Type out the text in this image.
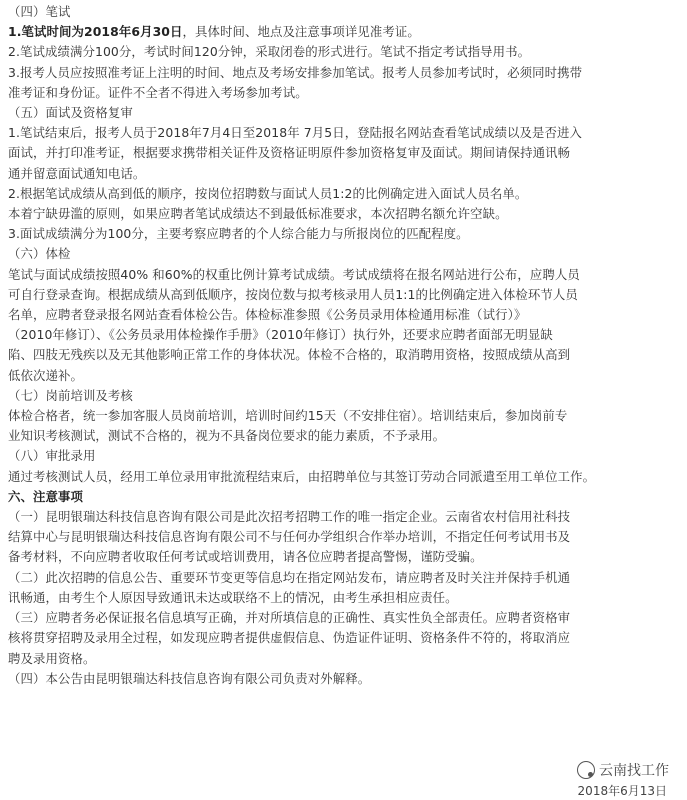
（四）笔试
1.笔试时间为2018年6月30日，具体时间、地点及注意事项详见准考证。
2.笔试成绩满分100分，考试时间120分钟，采取闭卷的形式进行。笔试不指定考试指导用书。
3.报考人员应按照准考证上注明的时间、地点及考场安排参加笔试。报考人员参加考试时，必须同时携带
准考证和身份证。证件不全者不得进入考场参加考试。
（五）面试及资格复审
1.笔试结束后，报考人员于2018年7月4日至2018年 7月5日，登陆报名网站查看笔试成绩以及是否进入
面试，并打印准考证，根据要求携带相关证件及资格证明原件参加资格复审及面试。期间请保持通讯畅
通并留意面试通知电话。
2.根据笔试成绩从高到低的顺序，按岗位招聘数与面试人员1:2的比例确定进入面试人员名单。
本着宁缺毋滥的原则，如果应聘者笔试成绩达不到最低标准要求，本次招聘名额允许空缺。
3.面试成绩满分为100分，主要考察应聘者的个人综合能力与所报岗位的匹配程度。
（六）体检
笔试与面试成绩按照40% 和60%的权重比例计算考试成绩。考试成绩将在报名网站进行公布，应聘人员
可自行登录查询。根据成绩从高到低顺序，按岗位数与拟考核录用人员1:1的比例确定进入体检环节人员
名单，应聘者登录报名网站查看体检公告。体检标准参照《公务员录用体检通用标准（试行）》
（2010年修订）、《公务员录用体检操作手册》（2010年修订）执行外，还要求应聘者面部无明显缺
陷、四肢无残疾以及无其他影响正常工作的身体状况。体检不合格的，取消聘用资格，按照成绩从高到
低依次递补。
（七）岗前培训及考核
体检合格者，统一参加客服人员岗前培训，培训时间约15天（不安排住宿）。培训结束后，参加岗前专
业知识考核测试，测试不合格的，视为不具备岗位要求的能力素质，不予录用。
（八）审批录用
通过考核测试人员，经用工单位录用审批流程结束后，由招聘单位与其签订劳动合同派遣至用工单位工作。
六、注意事项
（一）昆明银瑞达科技信息咨询有限公司是此次招考招聘工作的唯一指定企业。云南省农村信用社科技
结算中心与昆明银瑞达科技信息咨询有限公司不与任何办学组织合作举办培训，不指定任何考试用书及
备考材料，不向应聘者收取任何考试或培训费用，请各位应聘者提高警惕，谨防受骗。
（二）此次招聘的信息公告、重要环节变更等信息均在指定网站发布，请应聘者及时关注并保持手机通
讯畅通，由考生个人原因导致通讯未达或联络不上的情况，由考生承担相应责任。
（三）应聘者务必保证报名信息填写正确，并对所填信息的正确性、真实性负全部责任。应聘者资格审
核将贯穿招聘及录用全过程，如发现应聘者提供虚假信息、伪造证件证明、资格条件不符的，将取消应
聘及录用资格。
（四）本公告由昆明银瑞达科技信息咨询有限公司负责对外解释。
云南找工作
2018年6月13日
